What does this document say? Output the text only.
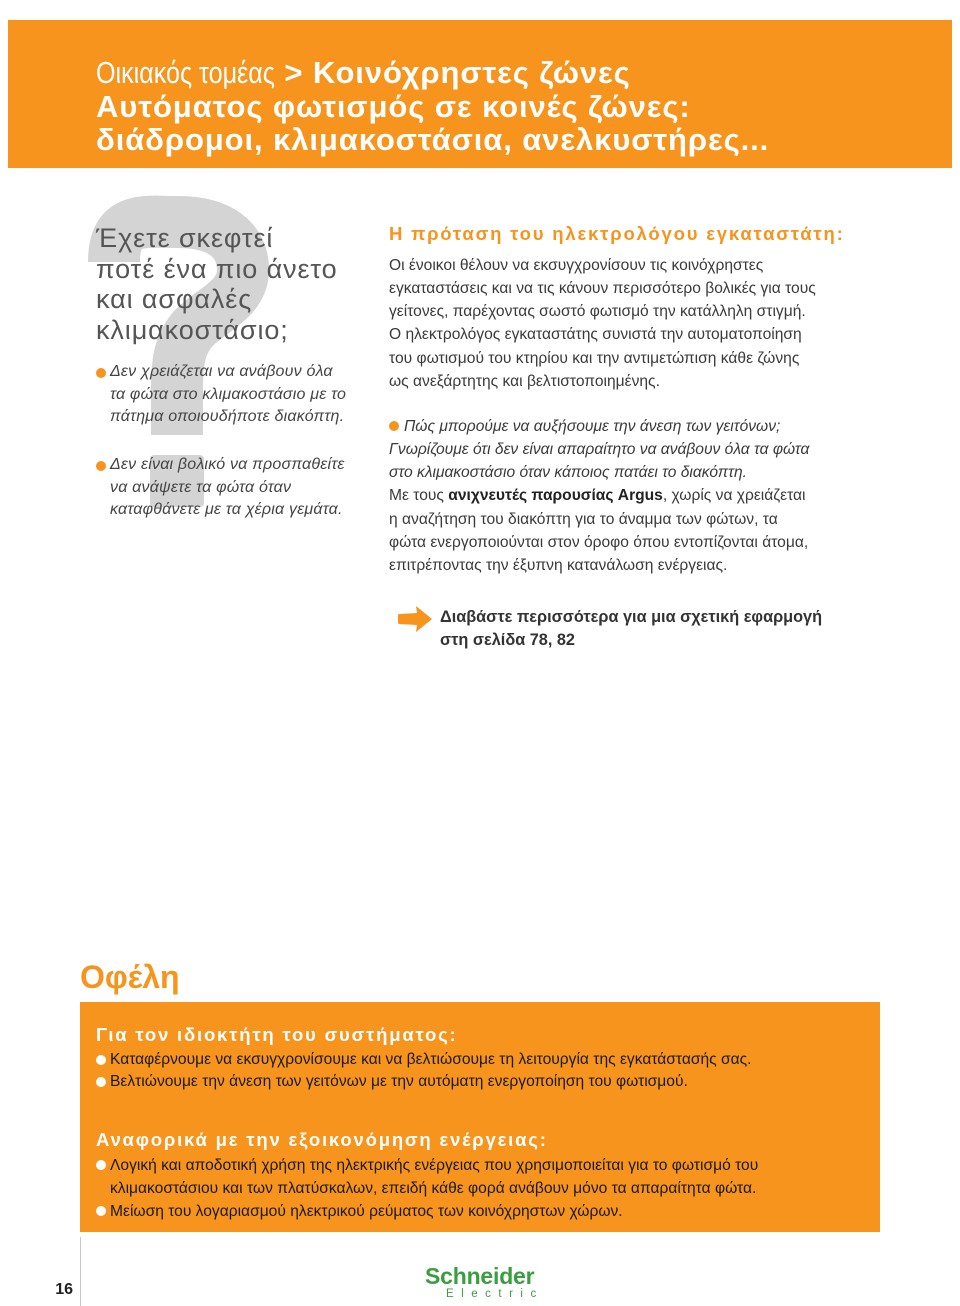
Οικιακός τομέας > Κοινόχρηστες ζώνες
Αυτόματος φωτισμός σε κοινές ζώνες:
διάδρομοι, κλιμακοστάσια, ανελκυστήρες...
Έχετε σκεφτεί
ποτέ ένα πιο άνετο
και ασφαλές
κλιμακοστάσιο;
Δεν χρειάζεται να ανάβουν όλα
τα φώτα στο κλιμακοστάσιο με το
πάτημα οποιουδήποτε διακόπτη.
Δεν είναι βολικό να προσπαθείτε
να ανάψετε τα φώτα όταν
καταφθάνετε με τα χέρια γεμάτα.
Η πρόταση του ηλεκτρολόγου εγκαταστάτη:
Οι ένοικοι θέλουν να εκσυγχρονίσουν τις κοινόχρηστες
εγκαταστάσεις και να τις κάνουν περισσότερο βολικές για τους
γείτονες, παρέχοντας σωστό φωτισμό την κατάλληλη στιγμή.
Ο ηλεκτρολόγος εγκαταστάτης συνιστά την αυτοματοποίηση
του φωτισμού του κτηρίου και την αντιμετώπιση κάθε ζώνης
ως ανεξάρτητης και βελτιστοποιημένης.
Πώς μπορούμε να αυξήσουμε την άνεση των γειτόνων;
Γνωρίζουμε ότι δεν είναι απαραίτητο να ανάβουν όλα τα φώτα
στο κλιμακοστάσιο όταν κάποιος πατάει το διακόπτη.
Με τους ανιχνευτές παρουσίας Argus, χωρίς να χρειάζεται
η αναζήτηση του διακόπτη για το άναμμα των φώτων, τα
φώτα ενεργοποιούνται στον όροφο όπου εντοπίζονται άτομα,
επιτρέποντας την έξυπνη κατανάλωση ενέργειας.
Διαβάστε περισσότερα για μια σχετική εφαρμογή
στη σελίδα 78, 82
Οφέλη
Για τον ιδιοκτήτη του συστήματος:
Καταφέρνουμε να εκσυγχρονίσουμε και να βελτιώσουμε τη λειτουργία της εγκατάστασής σας.
Βελτιώνουμε την άνεση των γειτόνων με την αυτόματη ενεργοποίηση του φωτισμού.
Αναφορικά με την εξοικονόμηση ενέργειας:
Λογική και αποδοτική χρήση της ηλεκτρικής ενέργειας που χρησιμοποιείται για το φωτισμό του
κλιμακοστάσιου και των πλατύσκαλων, επειδή κάθε φορά ανάβουν μόνο τα απαραίτητα φώτα.
Μείωση του λογαριασμού ηλεκτρικού ρεύματος των κοινόχρηστων χώρων.
16
Schneider
Electric
